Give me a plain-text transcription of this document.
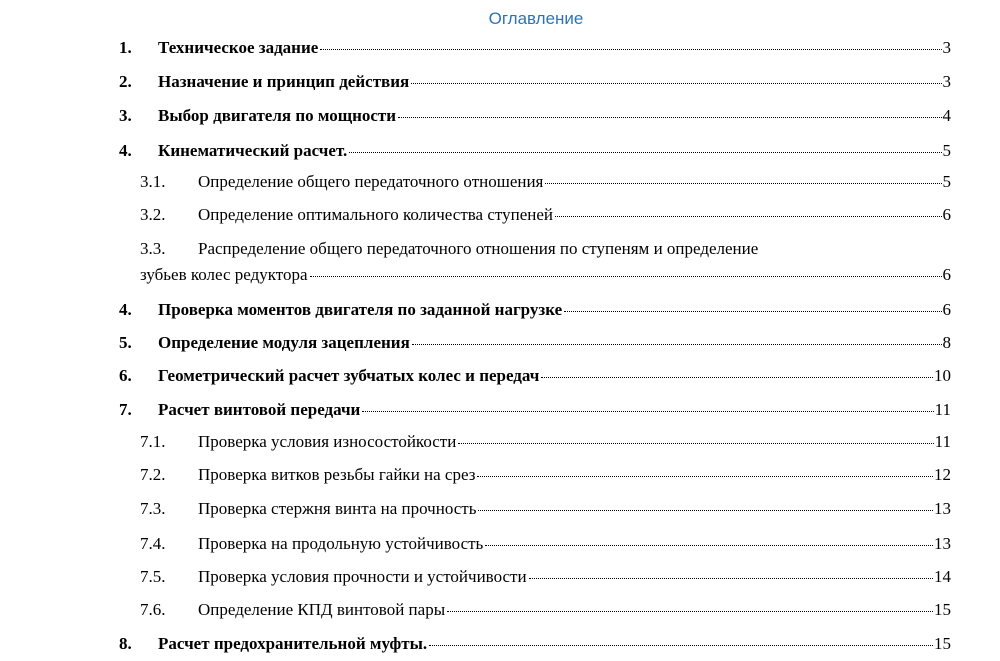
Оглавление
1. Техническое задание	3
2. Назначение и принцип действия	3
3. Выбор двигателя по мощности	4
4. Кинематический расчет.	5
3.1. Определение общего передаточного отношения	5
3.2. Определение оптимального количества ступеней	6
3.3. Распределение общего передаточного отношения по ступеням и определение
зубьев колес редуктора	6
4. Проверка моментов двигателя по заданной нагрузке	6
5. Определение модуля зацепления	8
6. Геометрический расчет зубчатых колес и передач	10
7. Расчет винтовой передачи	11
7.1. Проверка условия износостойкости	11
7.2. Проверка витков резьбы гайки на срез	12
7.3. Проверка стержня винта на прочность	13
7.4. Проверка на продольную устойчивость	13
7.5. Проверка условия прочности и устойчивости	14
7.6. Определение КПД винтовой пары	15
8. Расчет предохранительной муфты.	15
